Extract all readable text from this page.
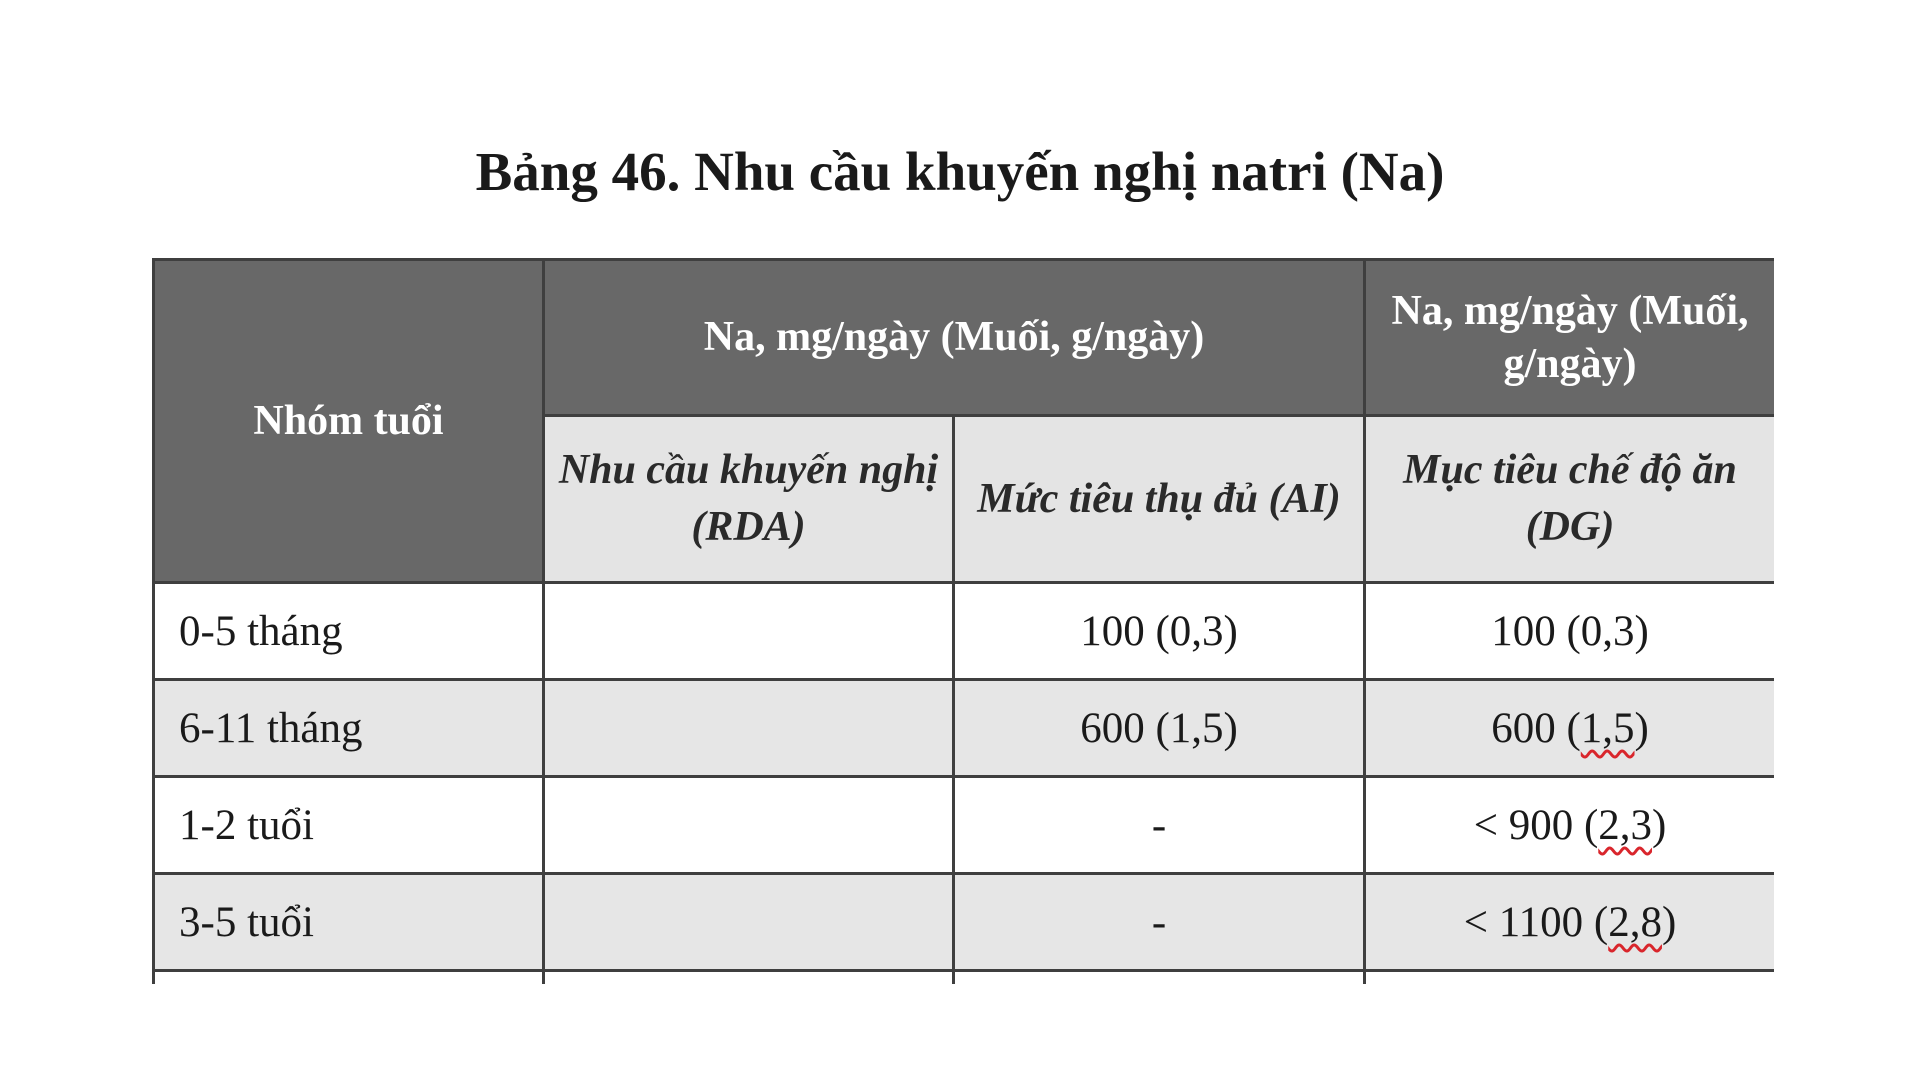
Bảng 46. Nhu cầu khuyến nghị natri (Na)
Nhóm tuổi	Na, mg/ngày (Muối, g/ngày)		Na, mg/ngày (Muối, g/ngày)
	Nhu cầu khuyến nghị (RDA)	Mức tiêu thụ đủ (AI)	Mục tiêu chế độ ăn (DG)
0-5 tháng		100 (0,3)	100 (0,3)
6-11 tháng		600 (1,5)	600 (1,5)
1-2 tuổi		-	< 900 (2,3)
3-5 tuổi		-	< 1100 (2,8)
